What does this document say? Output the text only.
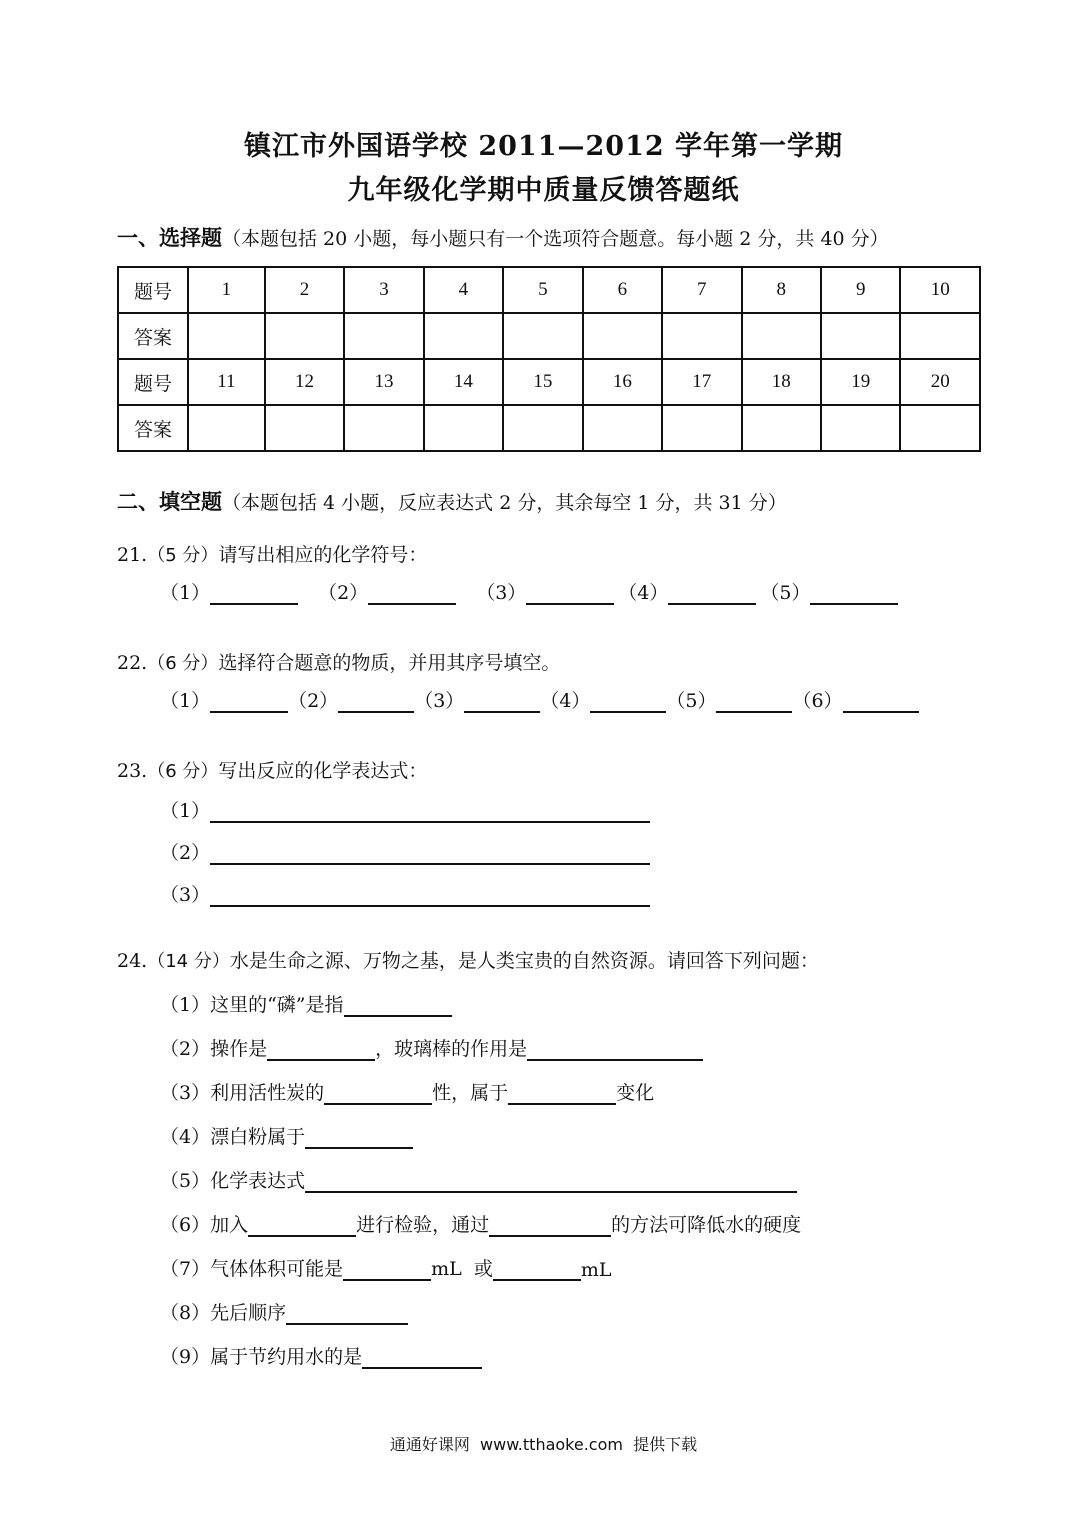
镇江市外国语学校 2011—2012 学年第一学期
九年级化学期中质量反馈答题纸
一、选择题（本题包括 20 小题，每小题只有一个选项符合题意。每小题 2 分，共 40 分）
题号	1	2	3	4	5	6	7	8	9	10
答案										
题号	11	12	13	14	15	16	17	18	19	20
答案										
二、填空题（本题包括 4 小题，反应表达式 2 分，其余每空 1 分，共 31 分）
21.（5 分）请写出相应的化学符号：
（1）	（2）	（3）	（4）	（5）
22.（6 分）选择符合题意的物质，并用其序号填空。
（1）	（2）	（3）	（4）	（5）	（6）
23.（6 分）写出反应的化学表达式：
（1）
（2）
（3）
24.（14 分）水是生命之源、万物之基，是人类宝贵的自然资源。请回答下列问题：
（1） 这里的“磷”是指
（2） 操作是	，玻璃棒的作用是
（3） 利用活性炭的	性，属于	变化
（4） 漂白粉属于
（5） 化学表达式
（6） 加入	进行检验，通过	的方法可降低水的硬度
（7） 气体体积可能是	mL  或	mL
（8） 先后顺序
（9） 属于节约用水的是
通通好课网  www.tthaoke.com  提供下载
